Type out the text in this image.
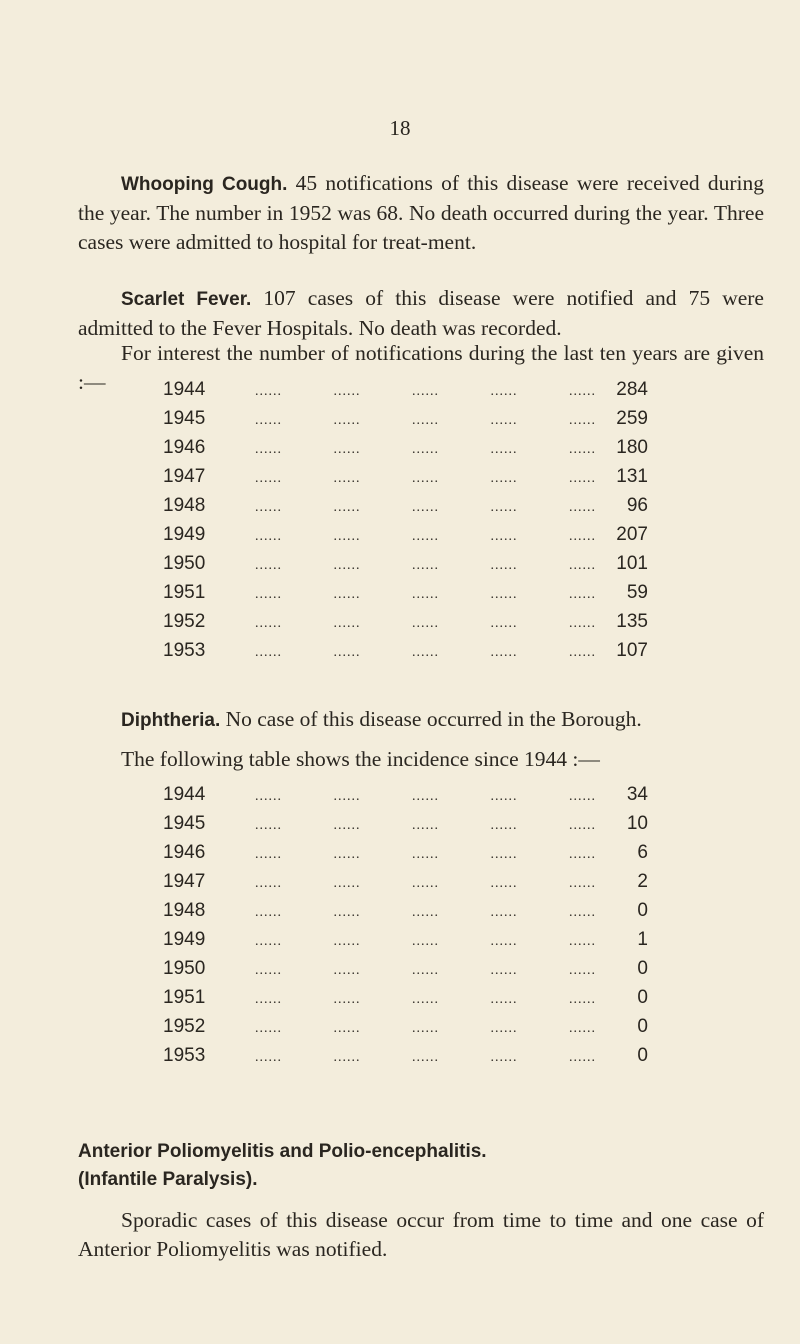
18
Whooping Cough. 45 notifications of this disease were received during the year. The number in 1952 was 68. No death occurred during the year. Three cases were admitted to hospital for treat-ment.
Scarlet Fever. 107 cases of this disease were notified and 75 were admitted to the Fever Hospitals. No death was recorded.
For interest the number of notifications during the last ten years are given :—	1944	......	......	......	......	......	284
1945	......	......	......	......	......	259
1946	......	......	......	......	......	180
1947	......	......	......	......	......	131
1948	......	......	......	......	......	96
1949	......	......	......	......	......	207
1950	......	......	......	......	......	101
1951	......	......	......	......	......	59
1952	......	......	......	......	......	135
1953	......	......	......	......	......	107
Diphtheria. No case of this disease occurred in the Borough.
The following table shows the incidence since 1944 :—
1944	......	......	......	......	......	34
1945	......	......	......	......	......	10
1946	......	......	......	......	......	6
1947	......	......	......	......	......	2
1948	......	......	......	......	......	0
1949	......	......	......	......	......	1
1950	......	......	......	......	......	0
1951	......	......	......	......	......	0
1952	......	......	......	......	......	0
1953	......	......	......	......	......	0
Anterior Poliomyelitis and Polio-encephalitis.
(Infantile Paralysis).
Sporadic cases of this disease occur from time to time and one case of Anterior Poliomyelitis was notified.
